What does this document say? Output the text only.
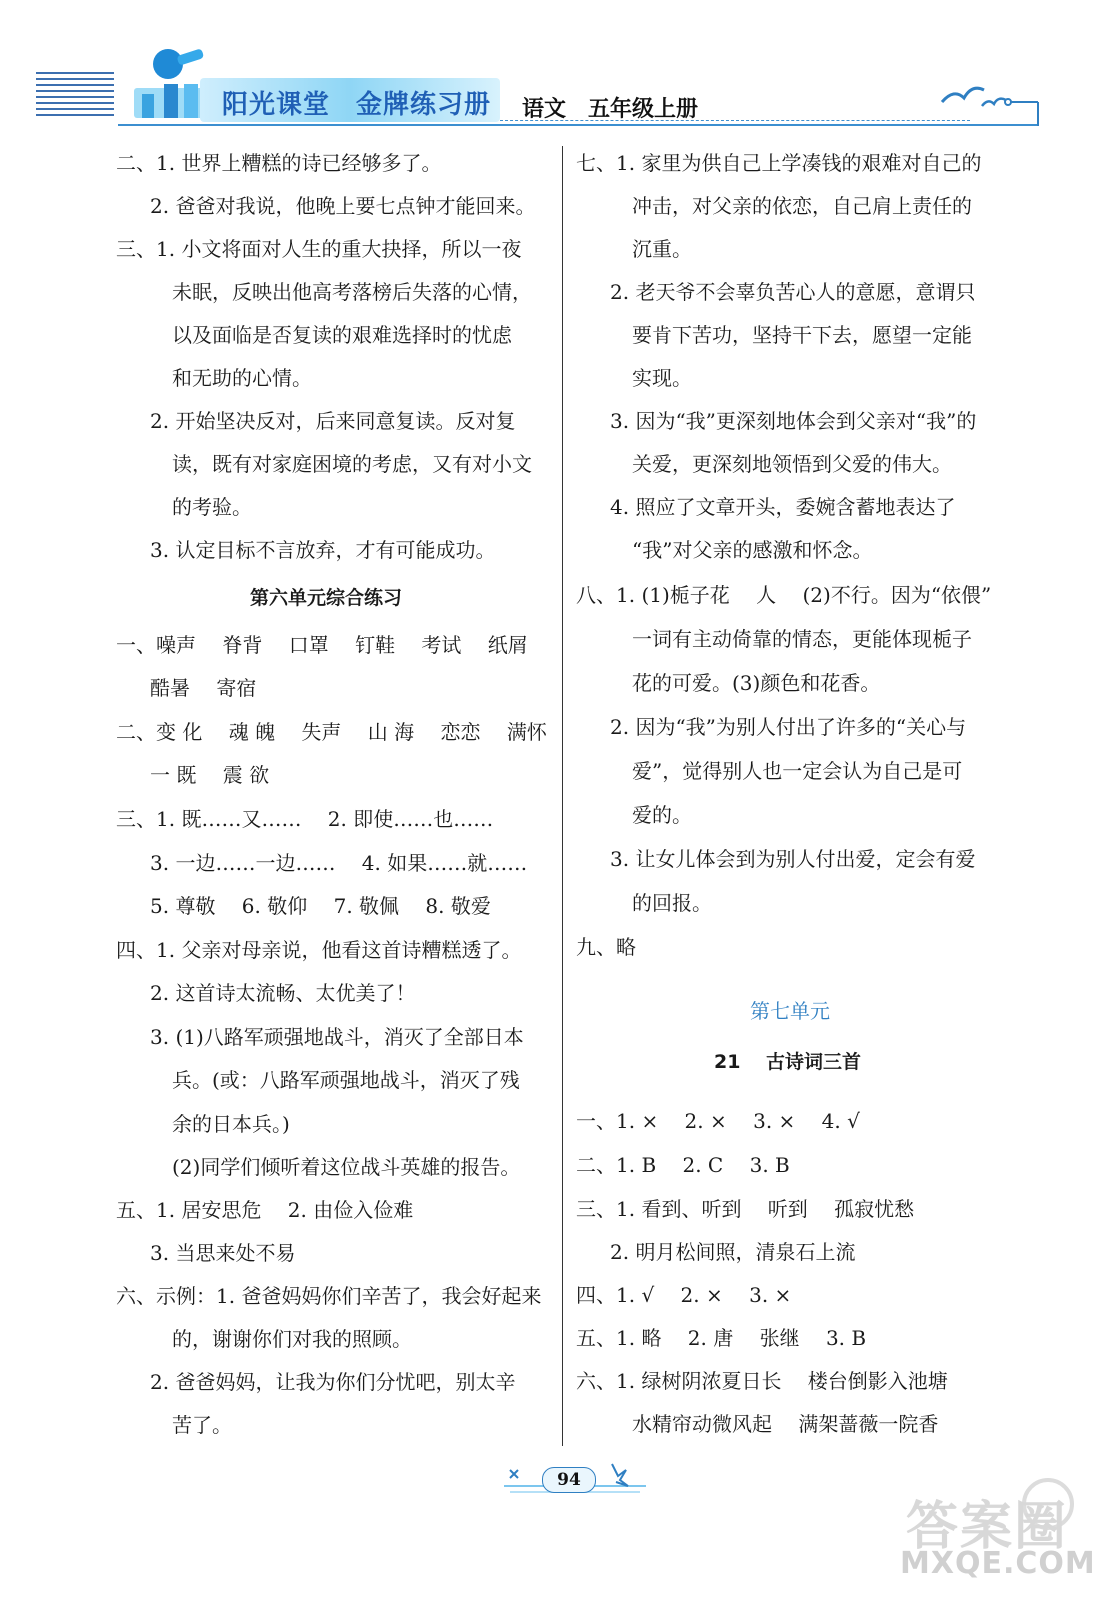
阳光课堂 金牌练习册	语文 五年级上册
二、1. 世界上糟糕的诗已经够多了。
2. 爸爸对我说，他晚上要七点钟才能回来。
三、1. 小文将面对人生的重大抉择，所以一夜
未眠，反映出他高考落榜后失落的心情，
以及面临是否复读的艰难选择时的忧虑
和无助的心情。
2. 开始坚决反对，后来同意复读。反对复
读，既有对家庭困境的考虑，又有对小文
的考验。
3. 认定目标不言放弃，才有可能成功。
第六单元综合练习
一、噪声　 脊背　 口罩　 钉鞋　 考试　 纸屑
酷暑　 寄宿
二、变 化　 魂 魄　 失声　 山 海　 恋恋　 满怀
一 既　 震 欲
三、1. 既……又……　 2. 即使……也……
3. 一边……一边……　 4. 如果……就……
5. 尊敬　 6. 敬仰　 7. 敬佩　 8. 敬爱
四、1. 父亲对母亲说，他看这首诗糟糕透了。
2. 这首诗太流畅、太优美了！
3. (1)八路军顽强地战斗，消灭了全部日本
兵。(或：八路军顽强地战斗，消灭了残
余的日本兵。)
(2)同学们倾听着这位战斗英雄的报告。
五、1. 居安思危　 2. 由俭入俭难
3. 当思来处不易
六、示例：1. 爸爸妈妈你们辛苦了，我会好起来
的，谢谢你们对我的照顾。
2. 爸爸妈妈，让我为你们分忧吧，别太辛
苦了。
七、1. 家里为供自己上学凑钱的艰难对自己的
冲击，对父亲的依恋，自己肩上责任的
沉重。
2. 老天爷不会辜负苦心人的意愿，意谓只
要肯下苦功，坚持干下去，愿望一定能
实现。
3. 因为“我”更深刻地体会到父亲对“我”的
关爱，更深刻地领悟到父爱的伟大。
4. 照应了文章开头，委婉含蓄地表达了
“我”对父亲的感激和怀念。
八、1. (1)栀子花　 人　 (2)不行。因为“依偎”
一词有主动倚靠的情态，更能体现栀子
花的可爱。(3)颜色和花香。
2. 因为“我”为别人付出了许多的“关心与
爱”，觉得别人也一定会认为自己是可
爱的。
3. 让女儿体会到为别人付出爱，定会有爱
的回报。
九、略
第七单元
21　 古诗词三首
一、1. ×　 2. ×　 3. ×　 4. √
二、1. B　 2. C　 3. B
三、1. 看到、听到　 听到　 孤寂忧愁
2. 明月松间照，清泉石上流
四、1. √　 2. ×　 3. ×
五、1. 略　 2. 唐　 张继　 3. B
六、1. 绿树阴浓夏日长　 楼台倒影入池塘
水精帘动微风起　 满架蔷薇一院香
94
答案圈
MXQE.COM
